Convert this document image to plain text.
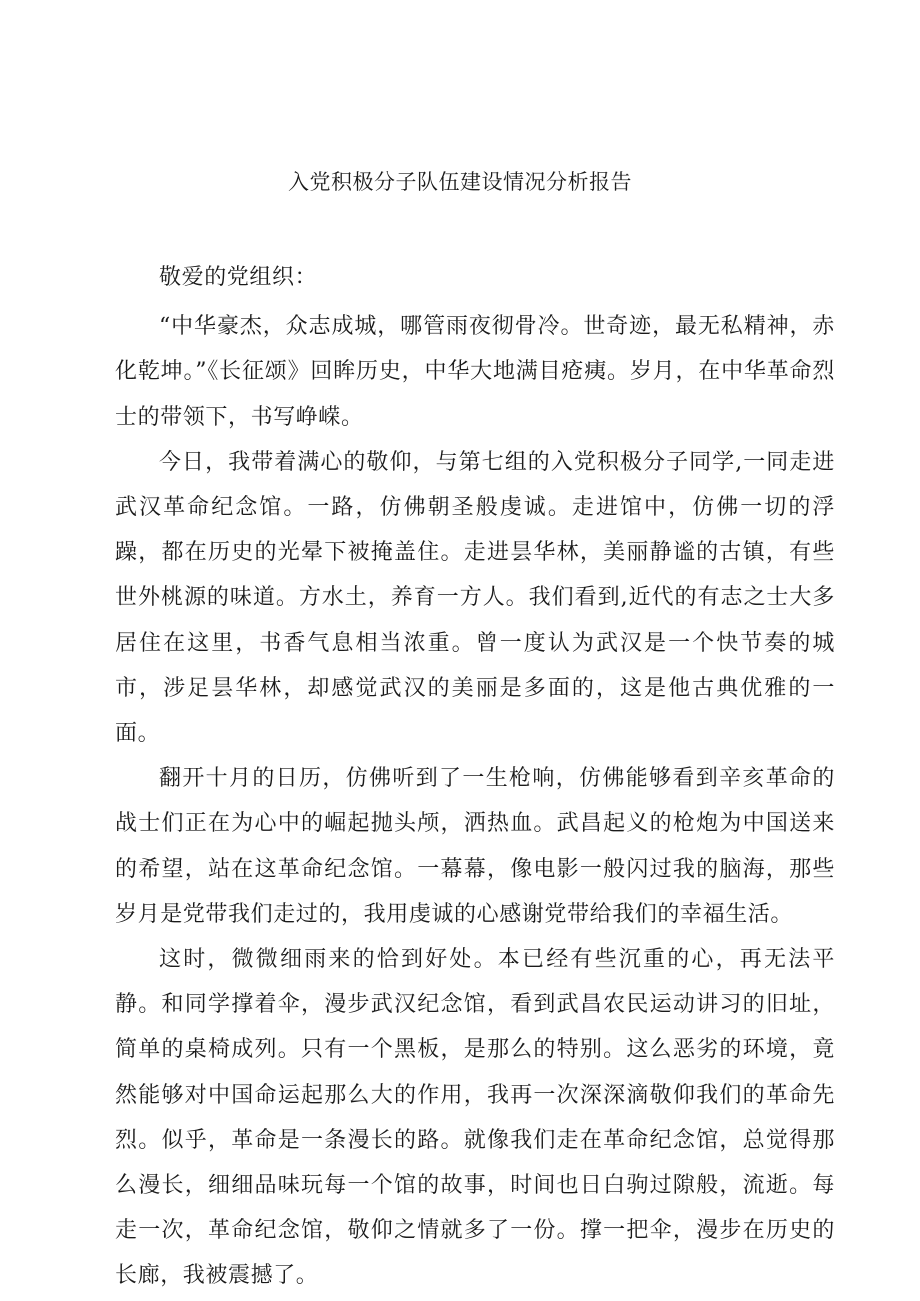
入党积极分子队伍建设情况分析报告

敬爱的党组织：

“中华豪杰，众志成城，哪管雨夜彻骨冷。世奇迹，最无私精神，赤化乾坤。”《长征颂》回眸历史，中华大地满目疮痍。岁月，在中华革命烈士的带领下，书写峥嵘。

今日，我带着满心的敬仰，与第七组的入党积极分子同学,一同走进武汉革命纪念馆。一路，仿佛朝圣般虔诚。走进馆中，仿佛一切的浮躁，都在历史的光晕下被掩盖住。走进昙华林，美丽静谧的古镇，有些世外桃源的味道。方水土，养育一方人。我们看到,近代的有志之士大多居住在这里，书香气息相当浓重。曾一度认为武汉是一个快节奏的城市，涉足昙华林，却感觉武汉的美丽是多面的，这是他古典优雅的一面。

翻开十月的日历，仿佛听到了一生枪响，仿佛能够看到辛亥革命的战士们正在为心中的崛起抛头颅，洒热血。武昌起义的枪炮为中国送来的希望，站在这革命纪念馆。一幕幕，像电影一般闪过我的脑海，那些岁月是党带我们走过的，我用虔诚的心感谢党带给我们的幸福生活。

这时，微微细雨来的恰到好处。本已经有些沉重的心，再无法平静。和同学撑着伞，漫步武汉纪念馆，看到武昌农民运动讲习的旧址，简单的桌椅成列。只有一个黑板，是那么的特别。这么恶劣的环境，竟然能够对中国命运起那么大的作用，我再一次深深滴敬仰我们的革命先烈。似乎，革命是一条漫长的路。就像我们走在革命纪念馆，总觉得那么漫长，细细品味玩每一个馆的故事，时间也日白驹过隙般，流逝。每走一次，革命纪念馆，敬仰之情就多了一份。撑一把伞，漫步在历史的长廊，我被震撼了。
